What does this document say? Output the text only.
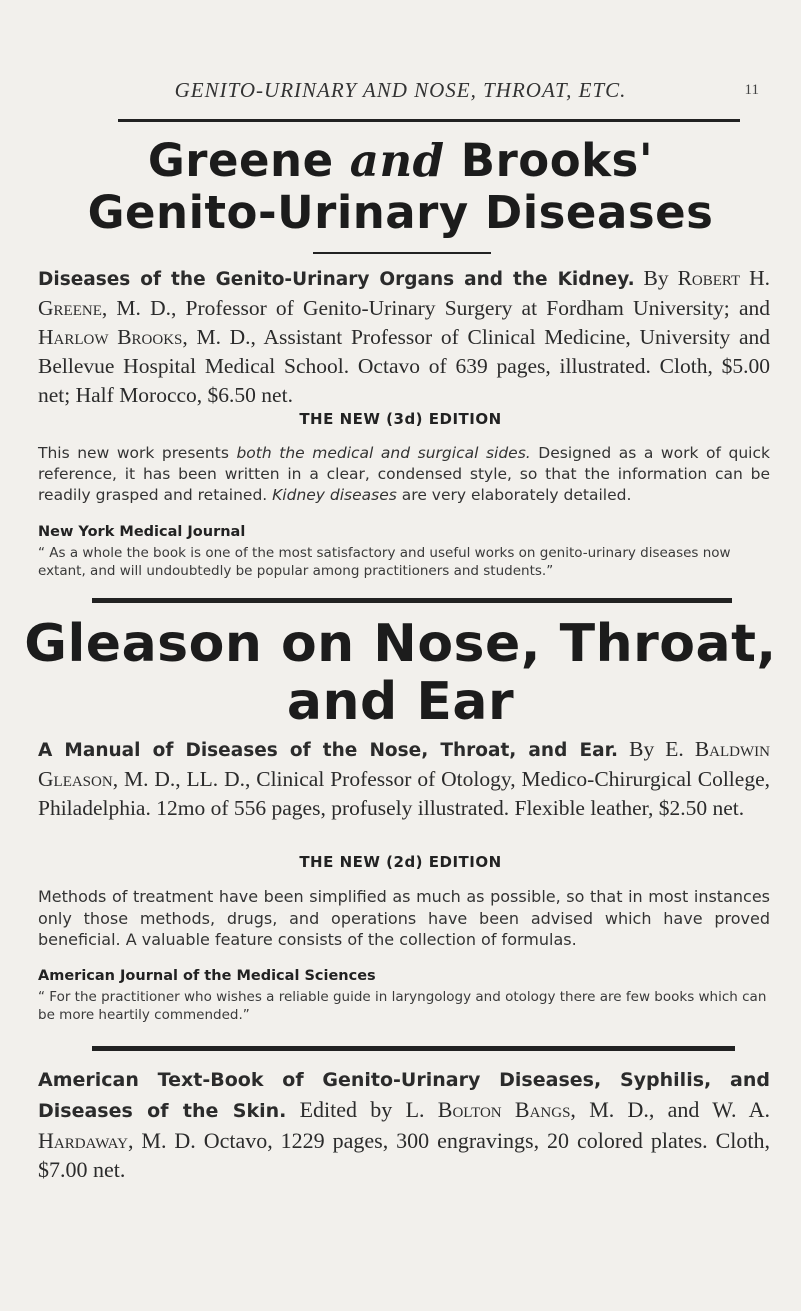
GENITO-URINARY AND NOSE, THROAT, ETC.	11
Greene and Brooks'
Genito-Urinary Diseases
Diseases of the Genito-Urinary Organs and the Kidney. By Robert H. Greene, M. D., Professor of Genito-Urinary Surgery at Fordham University; and Harlow Brooks, M. D., Assistant Professor of Clinical Medicine, University and Bellevue Hospital Medical School. Octavo of 639 pages, illustrated. Cloth, $5.00 net; Half Morocco, $6.50 net.
THE NEW (3d) EDITION
This new work presents both the medical and surgical sides. Designed as a work of quick reference, it has been written in a clear, condensed style, so that the information can be readily grasped and retained. Kidney diseases are very elaborately detailed.
New York Medical Journal
“ As a whole the book is one of the most satisfactory and useful works on genito-urinary diseases now extant, and will undoubtedly be popular among practitioners and students.”
Gleason on Nose, Throat,
and Ear
A Manual of Diseases of the Nose, Throat, and Ear. By E. Baldwin Gleason, M. D., LL. D., Clinical Professor of Otology, Medico-Chirurgical College, Philadelphia. 12mo of 556 pages, profusely illustrated. Flexible leather, $2.50 net.
THE NEW (2d) EDITION
Methods of treatment have been simplified as much as possible, so that in most instances only those methods, drugs, and operations have been advised which have proved beneficial. A valuable feature consists of the collection of formulas.
American Journal of the Medical Sciences
“ For the practitioner who wishes a reliable guide in laryngology and otology there are few books which can be more heartily commended.”
American Text-Book of Genito-Urinary Diseases, Syphilis, and Diseases of the Skin. Edited by L. Bolton Bangs, M. D., and W. A. Hardaway, M. D. Octavo, 1229 pages, 300 engravings, 20 colored plates. Cloth, $7.00 net.
